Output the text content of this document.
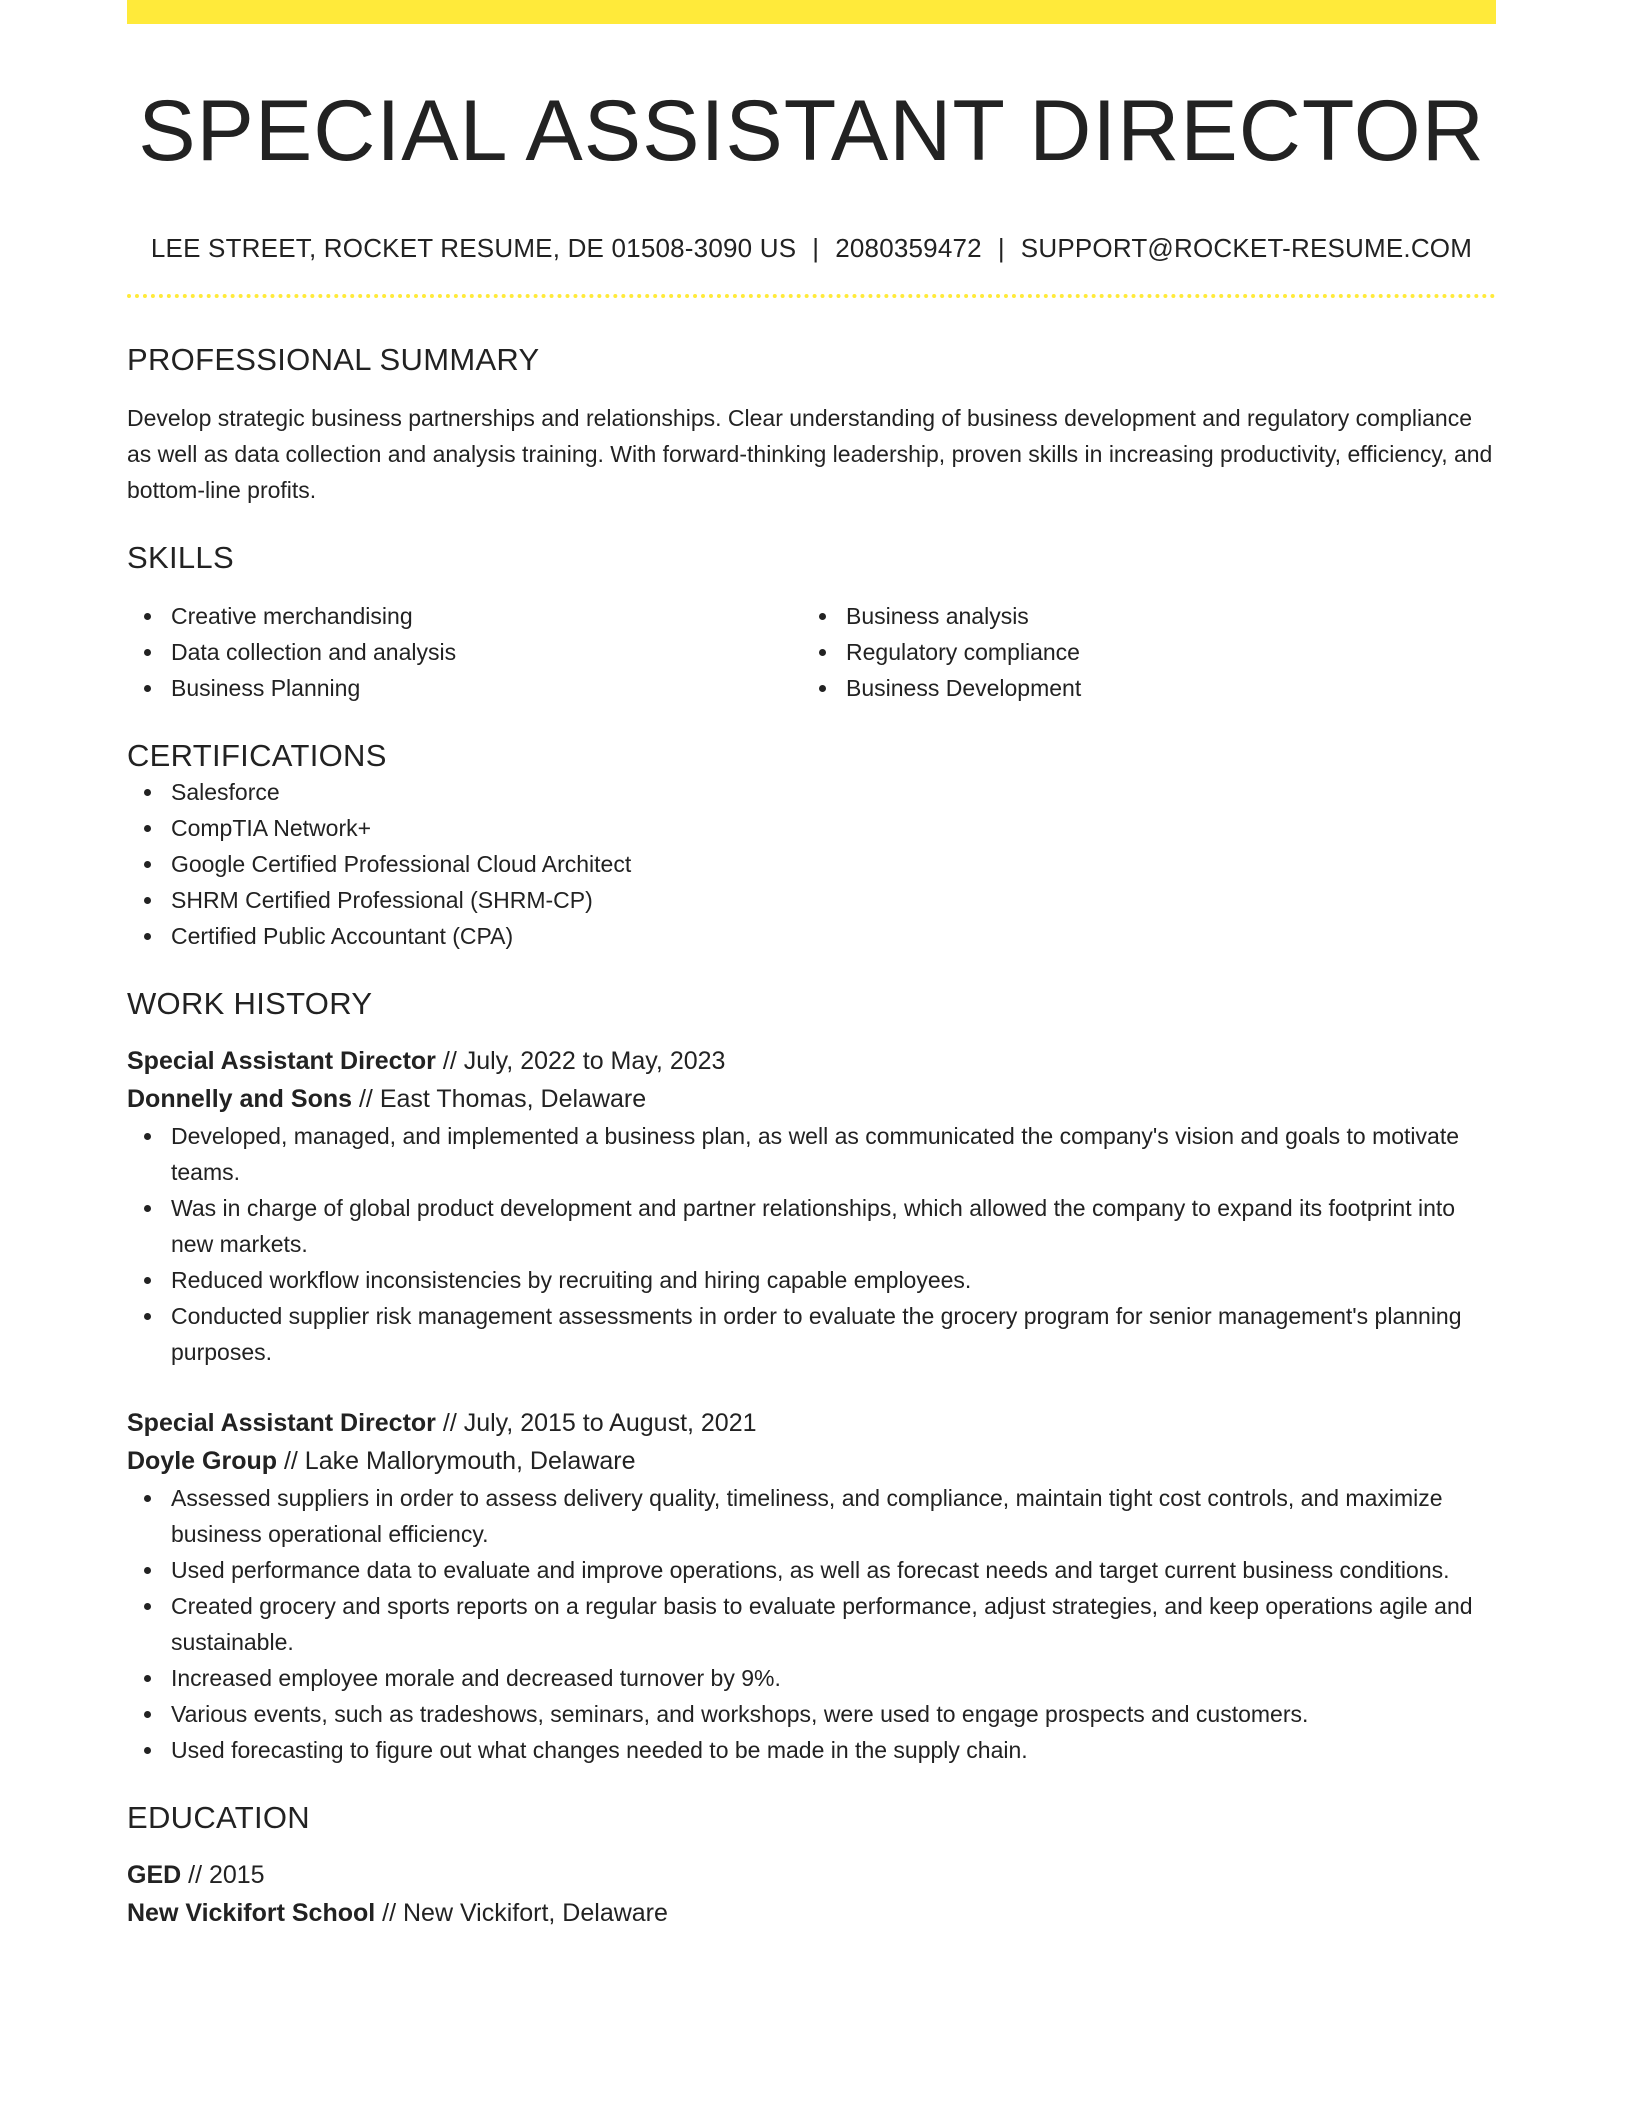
SPECIAL ASSISTANT DIRECTOR
LEE STREET, ROCKET RESUME, DE 01508-3090 US | 2080359472 | SUPPORT@ROCKET-RESUME.COM
PROFESSIONAL SUMMARY
Develop strategic business partnerships and relationships. Clear understanding of business development and regulatory compliance as well as data collection and analysis training. With forward-thinking leadership, proven skills in increasing productivity, efficiency, and bottom-line profits.
SKILLS
Creative merchandising
Data collection and analysis
Business Planning
Business analysis
Regulatory compliance
Business Development
CERTIFICATIONS
Salesforce
CompTIA Network+
Google Certified Professional Cloud Architect
SHRM Certified Professional (SHRM-CP)
Certified Public Accountant (CPA)
WORK HISTORY
Special Assistant Director // July, 2022 to May, 2023
Donnelly and Sons // East Thomas, Delaware
Developed, managed, and implemented a business plan, as well as communicated the company's vision and goals to motivate teams.
Was in charge of global product development and partner relationships, which allowed the company to expand its footprint into new markets.
Reduced workflow inconsistencies by recruiting and hiring capable employees.
Conducted supplier risk management assessments in order to evaluate the grocery program for senior management's planning purposes.
Special Assistant Director // July, 2015 to August, 2021
Doyle Group // Lake Mallorymouth, Delaware
Assessed suppliers in order to assess delivery quality, timeliness, and compliance, maintain tight cost controls, and maximize business operational efficiency.
Used performance data to evaluate and improve operations, as well as forecast needs and target current business conditions.
Created grocery and sports reports on a regular basis to evaluate performance, adjust strategies, and keep operations agile and sustainable.
Increased employee morale and decreased turnover by 9%.
Various events, such as tradeshows, seminars, and workshops, were used to engage prospects and customers.
Used forecasting to figure out what changes needed to be made in the supply chain.
EDUCATION
GED // 2015
New Vickifort School // New Vickifort, Delaware
